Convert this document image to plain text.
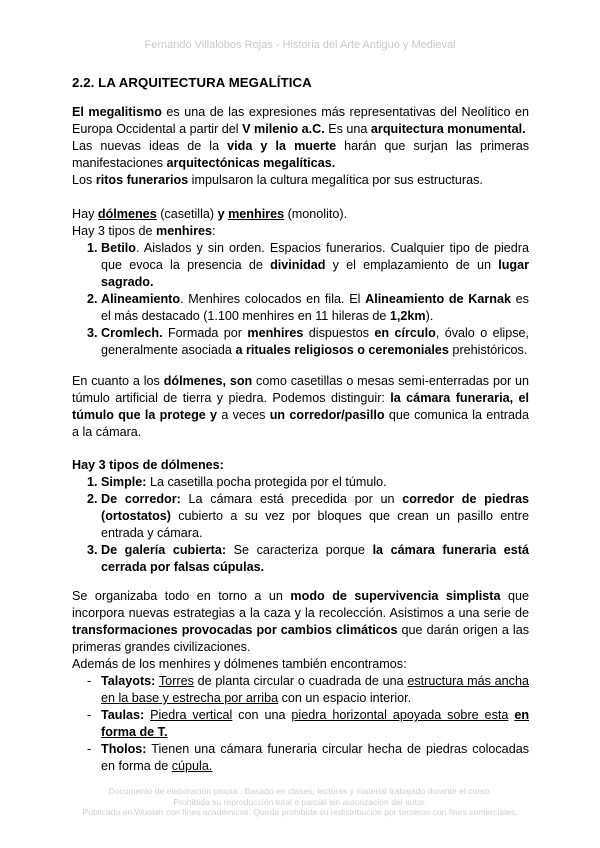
Fernando Villalobos Rojas - Historia del Arte Antiguo y Medieval
2.2. LA ARQUITECTURA MEGALÍTICA

El megalitismo es una de las expresiones más representativas del Neolítico en Europa Occidental a partir del V milenio a.C. Es una arquitectura monumental.

Las nuevas ideas de la vida y la muerte harán que surjan las primeras manifestaciones arquitectónicas megalíticas.

Los ritos funerarios impulsaron la cultura megalítica por sus estructuras.

Hay dólmenes (casetilla) y menhires (monolito).

Hay 3 tipos de menhires:

1. Betilo. Aislados y sin orden. Espacios funerarios. Cualquier tipo de piedra que evoca la presencia de divinidad y el emplazamiento de un lugar sagrado.
2. Alineamiento. Menhires colocados en fila. El Alineamiento de Karnak es el más destacado (1.100 menhires en 11 hileras de 1,2km).
3. Cromlech. Formada por menhires dispuestos en círculo, óvalo o elipse, generalmente asociada a rituales religiosos o ceremoniales prehistóricos.

En cuanto a los dólmenes, son como casetillas o mesas semi-enterradas por un túmulo artificial de tierra y piedra. Podemos distinguir: la cámara funeraria, el túmulo que la protege y a veces un corredor/pasillo que comunica la entrada a la cámara.

Hay 3 tipos de dólmenes:

1. Simple: La casetilla pocha protegida por el túmulo.
2. De corredor: La cámara está precedida por un corredor de piedras (ortostatos) cubierto a su vez por bloques que crean un pasillo entre entrada y cámara.
3. De galería cubierta: Se caracteriza porque la cámara funeraria está cerrada por falsas cúpulas.

Se organizaba todo en torno a un modo de supervivencia simplista que incorpora nuevas estrategias a la caza y la recolección. Asistimos a una serie de transformaciones provocadas por cambios climáticos que darán origen a las primeras grandes civilizaciones.

Además de los menhires y dólmenes también encontramos:

- Talayots: Torres de planta circular o cuadrada de una estructura más ancha en la base y estrecha por arriba con un espacio interior.
- Taulas: Piedra vertical con una piedra horizontal apoyada sobre esta en forma de T.
- Tholos: Tienen una cámara funeraria circular hecha de piedras colocadas en forma de cúpula.
Documento de elaboración propia . Basado en clases, lecturas y material trabajado durante el curso.
Prohibida su reproducción total o parcial sin autorización del autor.
Publicado en Wuolah con fines académicos. Queda prohibida su redistribución por terceros con fines comerciales.
